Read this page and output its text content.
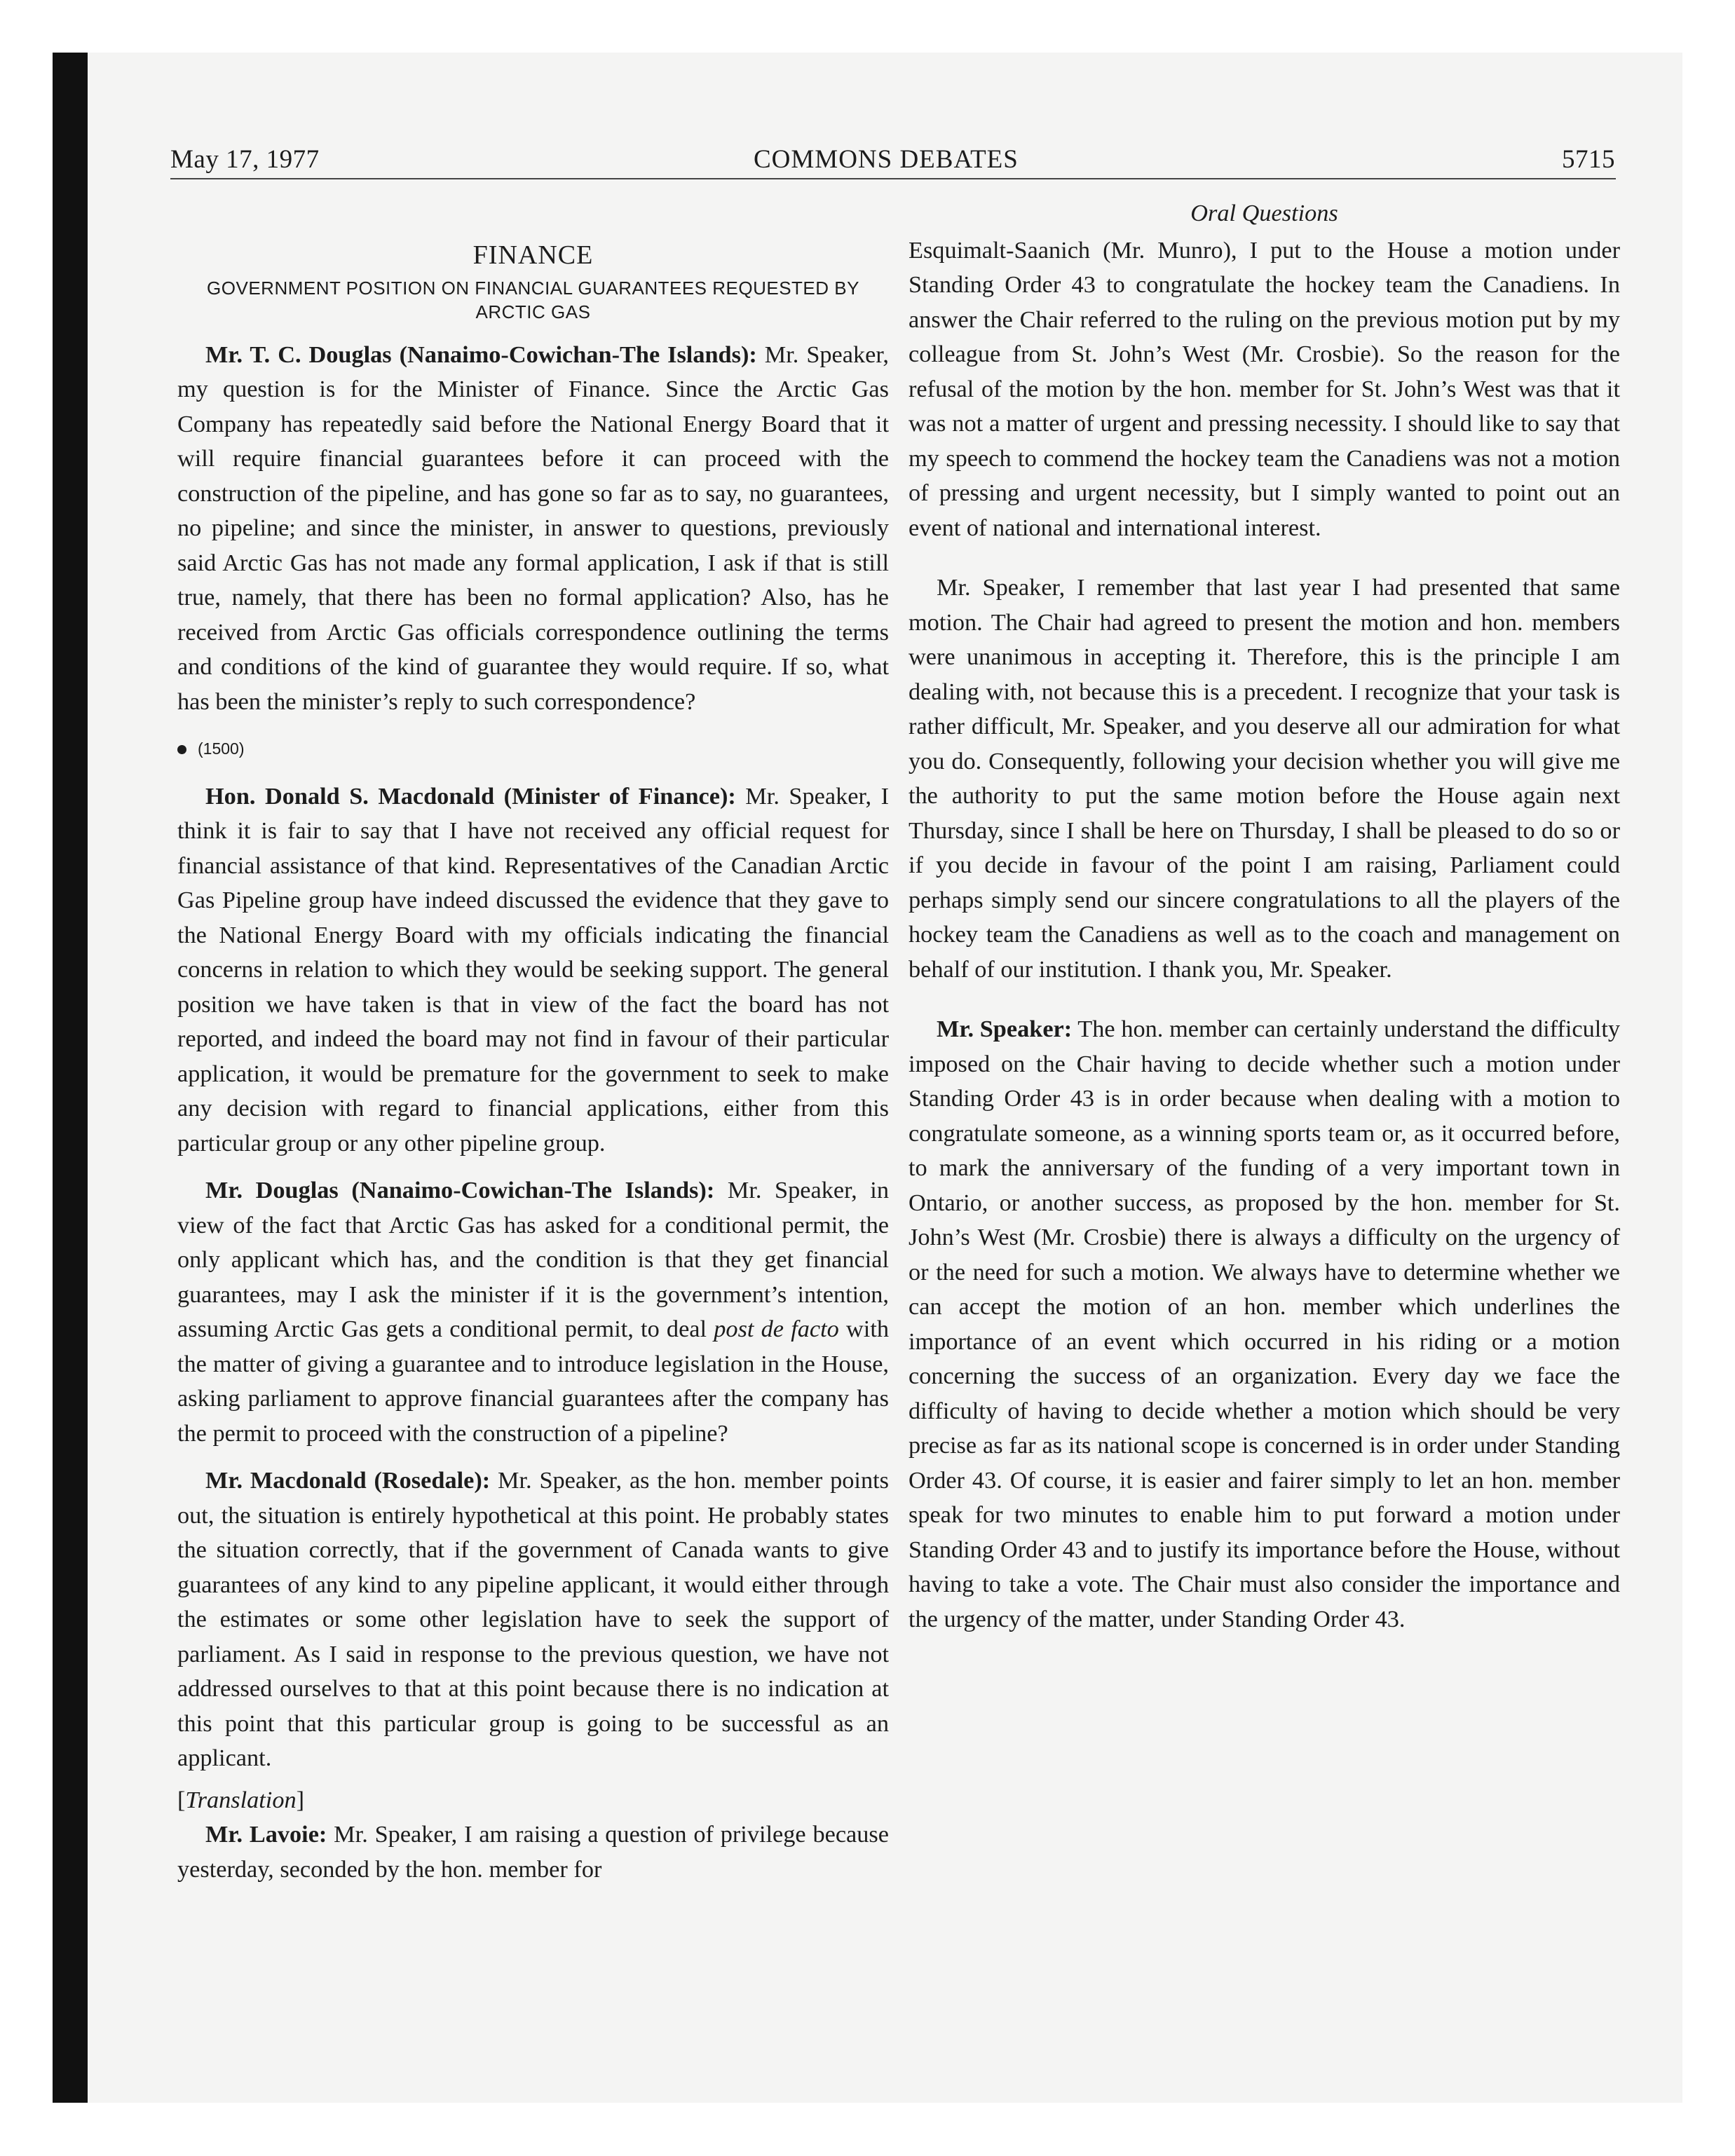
May 17, 1977	COMMONS DEBATES	5715

FINANCE

GOVERNMENT POSITION ON FINANCIAL GUARANTEES REQUESTED BY ARCTIC GAS

Mr. T. C. Douglas (Nanaimo-Cowichan-The Islands): Mr. Speaker, my question is for the Minister of Finance. Since the Arctic Gas Company has repeatedly said before the National Energy Board that it will require financial guarantees before it can proceed with the construction of the pipeline, and has gone so far as to say, no guarantees, no pipeline; and since the minister, in answer to questions, previously said Arctic Gas has not made any formal application, I ask if that is still true, namely, that there has been no formal application? Also, has he received from Arctic Gas officials correspondence outlining the terms and conditions of the kind of guarantee they would require. If so, what has been the minister’s reply to such correspondence?

(1500)

Hon. Donald S. Macdonald (Minister of Finance): Mr. Speaker, I think it is fair to say that I have not received any official request for financial assistance of that kind. Representatives of the Canadian Arctic Gas Pipeline group have indeed discussed the evidence that they gave to the National Energy Board with my officials indicating the financial concerns in relation to which they would be seeking support. The general position we have taken is that in view of the fact the board has not reported, and indeed the board may not find in favour of their particular application, it would be premature for the government to seek to make any decision with regard to financial applications, either from this particular group or any other pipeline group.

Mr. Douglas (Nanaimo-Cowichan-The Islands): Mr. Speaker, in view of the fact that Arctic Gas has asked for a conditional permit, the only applicant which has, and the condition is that they get financial guarantees, may I ask the minister if it is the government’s intention, assuming Arctic Gas gets a conditional permit, to deal post de facto with the matter of giving a guarantee and to introduce legislation in the House, asking parliament to approve financial guarantees after the company has the permit to proceed with the construction of a pipeline?

Mr. Macdonald (Rosedale): Mr. Speaker, as the hon. member points out, the situation is entirely hypothetical at this point. He probably states the situation correctly, that if the government of Canada wants to give guarantees of any kind to any pipeline applicant, it would either through the estimates or some other legislation have to seek the support of parliament. As I said in response to the previous question, we have not addressed ourselves to that at this point because there is no indication at this point that this particular group is going to be successful as an applicant.

[Translation]

Mr. Lavoie: Mr. Speaker, I am raising a question of privilege because yesterday, seconded by the hon. member for

Oral Questions

Esquimalt-Saanich (Mr. Munro), I put to the House a motion under Standing Order 43 to congratulate the hockey team the Canadiens. In answer the Chair referred to the ruling on the previous motion put by my colleague from St. John’s West (Mr. Crosbie). So the reason for the refusal of the motion by the hon. member for St. John’s West was that it was not a matter of urgent and pressing necessity. I should like to say that my speech to commend the hockey team the Canadiens was not a motion of pressing and urgent necessity, but I simply wanted to point out an event of national and international interest.

Mr. Speaker, I remember that last year I had presented that same motion. The Chair had agreed to present the motion and hon. members were unanimous in accepting it. Therefore, this is the principle I am dealing with, not because this is a precedent. I recognize that your task is rather difficult, Mr. Speaker, and you deserve all our admiration for what you do. Consequently, following your decision whether you will give me the authority to put the same motion before the House again next Thursday, since I shall be here on Thursday, I shall be pleased to do so or if you decide in favour of the point I am raising, Parliament could perhaps simply send our sincere congratulations to all the players of the hockey team the Canadiens as well as to the coach and management on behalf of our institution. I thank you, Mr. Speaker.

Mr. Speaker: The hon. member can certainly understand the difficulty imposed on the Chair having to decide whether such a motion under Standing Order 43 is in order because when dealing with a motion to congratulate someone, as a winning sports team or, as it occurred before, to mark the anniversary of the funding of a very important town in Ontario, or another success, as proposed by the hon. member for St. John’s West (Mr. Crosbie) there is always a difficulty on the urgency of or the need for such a motion. We always have to determine whether we can accept the motion of an hon. member which underlines the importance of an event which occurred in his riding or a motion concerning the success of an organization. Every day we face the difficulty of having to decide whether a motion which should be very precise as far as its national scope is concerned is in order under Standing Order 43. Of course, it is easier and fairer simply to let an hon. member speak for two minutes to enable him to put forward a motion under Standing Order 43 and to justify its importance before the House, without having to take a vote. The Chair must also consider the importance and the urgency of the matter, under Standing Order 43.
